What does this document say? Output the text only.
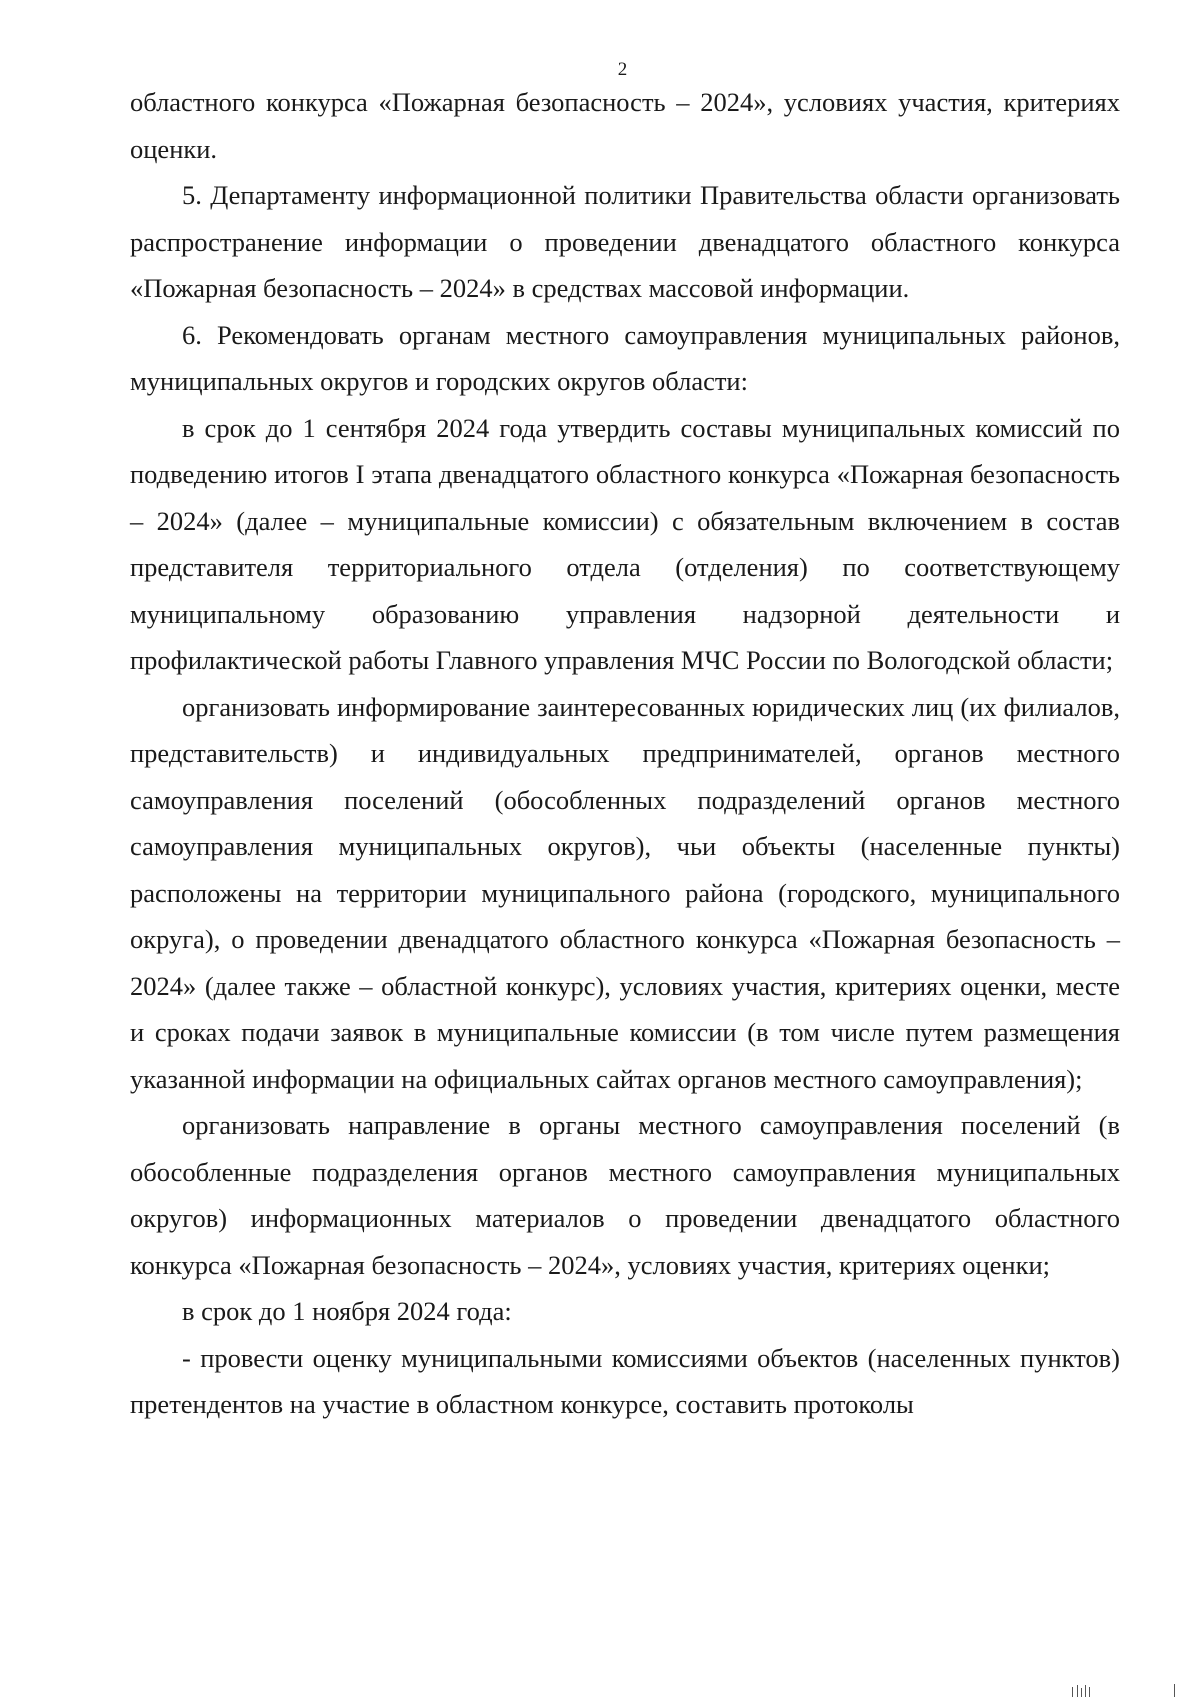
2

областного конкурса «Пожарная безопасность – 2024», условиях участия, критериях оценки.

5. Департаменту информационной политики Правительства области организовать распространение информации о проведении двенадцатого областного конкурса «Пожарная безопасность – 2024» в средствах массовой информации.

6. Рекомендовать органам местного самоуправления муниципальных районов, муниципальных округов и городских округов области:

в срок до 1 сентября 2024 года утвердить составы муниципальных комиссий по подведению итогов I этапа двенадцатого областного конкурса «Пожарная безопасность – 2024» (далее – муниципальные комиссии) с обязательным включением в состав представителя территориального отдела (отделения) по соответствующему муниципальному образованию управления надзорной деятельности и профилактической работы Главного управления МЧС России по Вологодской области;

организовать информирование заинтересованных юридических лиц (их филиалов, представительств) и индивидуальных предпринимателей, органов местного самоуправления поселений (обособленных подразделений органов местного самоуправления муниципальных округов), чьи объекты (населенные пункты) расположены на территории муниципального района (городского, муниципального округа), о проведении двенадцатого областного конкурса «Пожарная безопасность – 2024» (далее также – областной конкурс), условиях участия, критериях оценки, месте и сроках подачи заявок в муниципальные комиссии (в том числе путем размещения указанной информации на официальных сайтах органов местного самоуправления);

организовать направление в органы местного самоуправления поселений (в обособленные подразделения органов местного самоуправления муниципальных округов) информационных материалов о проведении двенадцатого областного конкурса «Пожарная безопасность – 2024», условиях участия, критериях оценки;

в срок до 1 ноября 2024 года:

- провести оценку муниципальными комиссиями объектов (населенных пунктов) претендентов на участие в областном конкурсе, составить протоколы
